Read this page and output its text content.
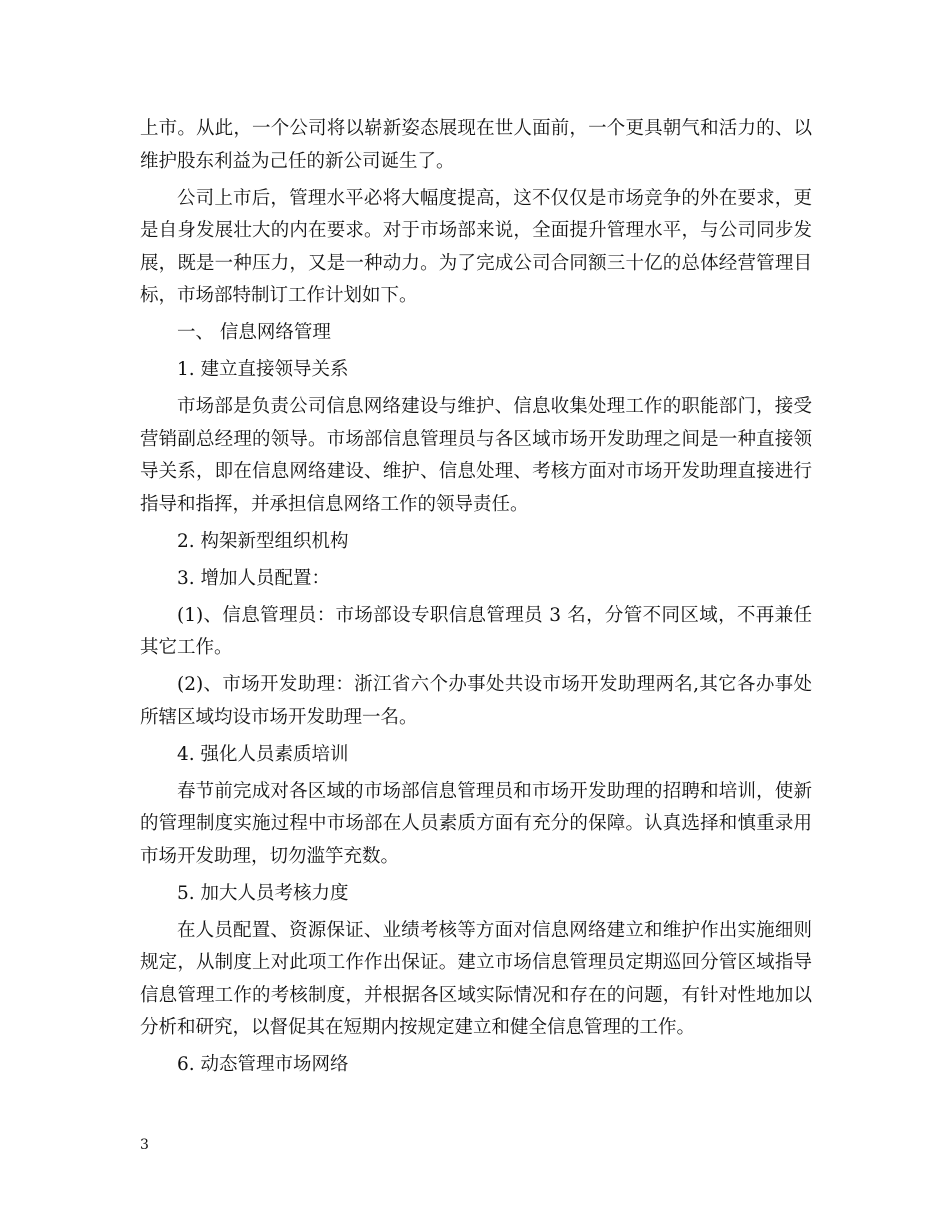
上市。从此，一个公司将以崭新姿态展现在世人面前，一个更具朝气和活力的、以维护股东利益为己任的新公司诞生了。

公司上市后，管理水平必将大幅度提高，这不仅仅是市场竞争的外在要求，更是自身发展壮大的内在要求。对于市场部来说，全面提升管理水平，与公司同步发展，既是一种压力，又是一种动力。为了完成公司合同额三十亿的总体经营管理目标，市场部特制订工作计划如下。

一、 信息网络管理

1. 建立直接领导关系

市场部是负责公司信息网络建设与维护、信息收集处理工作的职能部门，接受营销副总经理的领导。市场部信息管理员与各区域市场开发助理之间是一种直接领导关系，即在信息网络建设、维护、信息处理、考核方面对市场开发助理直接进行指导和指挥，并承担信息网络工作的领导责任。

2. 构架新型组织机构

3. 增加人员配置：

(1)、信息管理员：市场部设专职信息管理员 3 名，分管不同区域，不再兼任其它工作。

(2)、市场开发助理：浙江省六个办事处共设市场开发助理两名,其它各办事处所辖区域均设市场开发助理一名。

4. 强化人员素质培训

春节前完成对各区域的市场部信息管理员和市场开发助理的招聘和培训，使新的管理制度实施过程中市场部在人员素质方面有充分的保障。认真选择和慎重录用市场开发助理，切勿滥竽充数。

5. 加大人员考核力度

在人员配置、资源保证、业绩考核等方面对信息网络建立和维护作出实施细则规定，从制度上对此项工作作出保证。建立市场信息管理员定期巡回分管区域指导信息管理工作的考核制度，并根据各区域实际情况和存在的问题，有针对性地加以分析和研究，以督促其在短期内按规定建立和健全信息管理的工作。

6. 动态管理市场网络

3
